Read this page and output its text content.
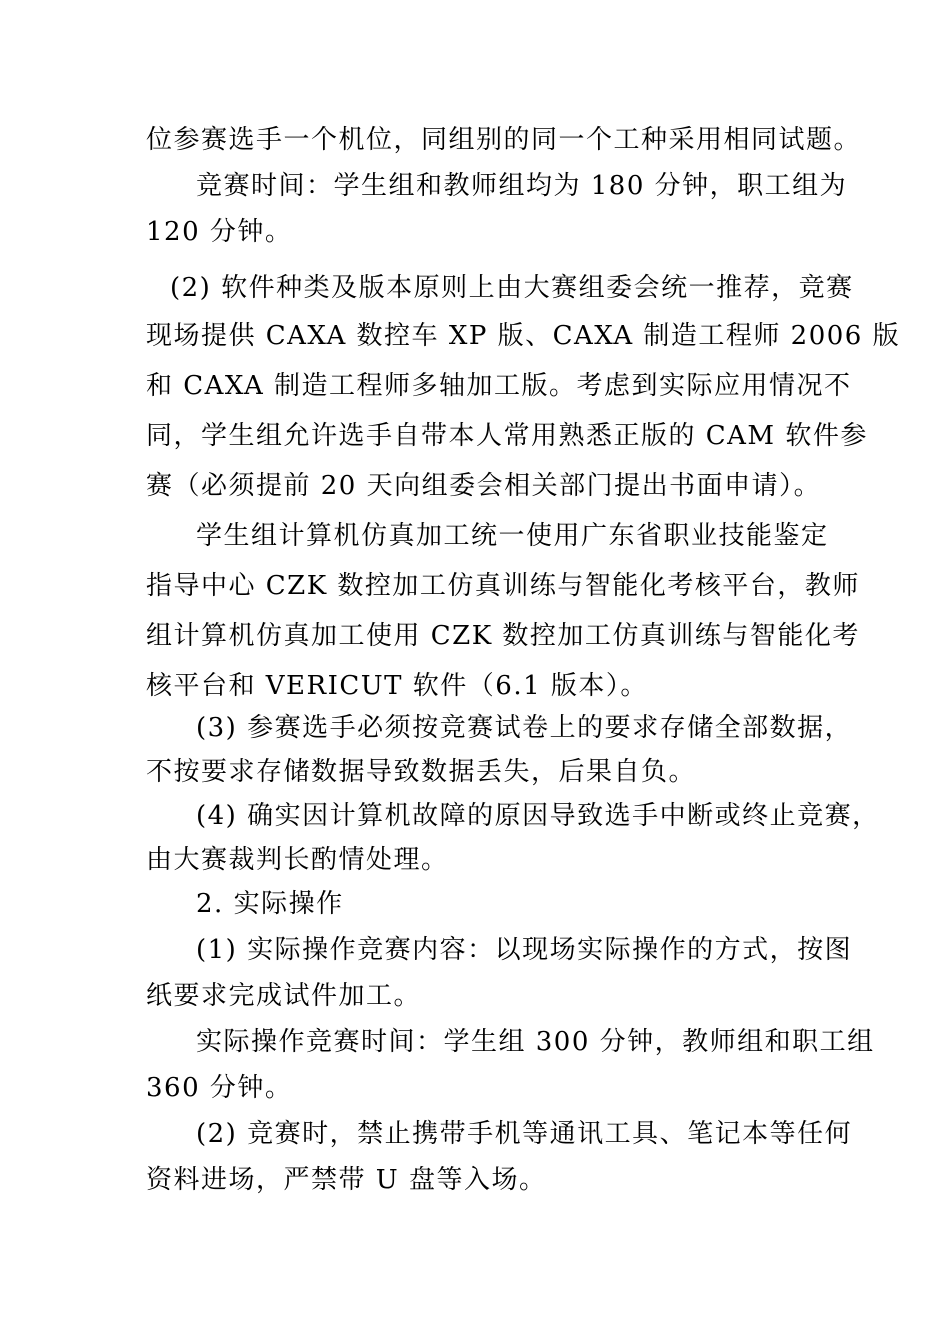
位参赛选手一个机位，同组别的同一个工种采用相同试题。
竞赛时间：学生组和教师组均为 180 分钟，职工组为
120 分钟。
(2) 软件种类及版本原则上由大赛组委会统一推荐，竞赛
现场提供 CAXA 数控车 XP 版、CAXA 制造工程师 2006 版
和 CAXA 制造工程师多轴加工版。考虑到实际应用情况不
同，学生组允许选手自带本人常用熟悉正版的 CAM 软件参
赛（必须提前 20 天向组委会相关部门提出书面申请）。
学生组计算机仿真加工统一使用广东省职业技能鉴定
指导中心 CZK 数控加工仿真训练与智能化考核平台，教师
组计算机仿真加工使用 CZK 数控加工仿真训练与智能化考
核平台和 VERICUT 软件（6.1 版本）。
(3) 参赛选手必须按竞赛试卷上的要求存储全部数据，
不按要求存储数据导致数据丢失，后果自负。
(4) 确实因计算机故障的原因导致选手中断或终止竞赛，
由大赛裁判长酌情处理。
2. 实际操作
(1) 实际操作竞赛内容：以现场实际操作的方式，按图
纸要求完成试件加工。
实际操作竞赛时间：学生组 300 分钟，教师组和职工组
360 分钟。
(2) 竞赛时，禁止携带手机等通讯工具、笔记本等任何
资料进场，严禁带 U 盘等入场。
